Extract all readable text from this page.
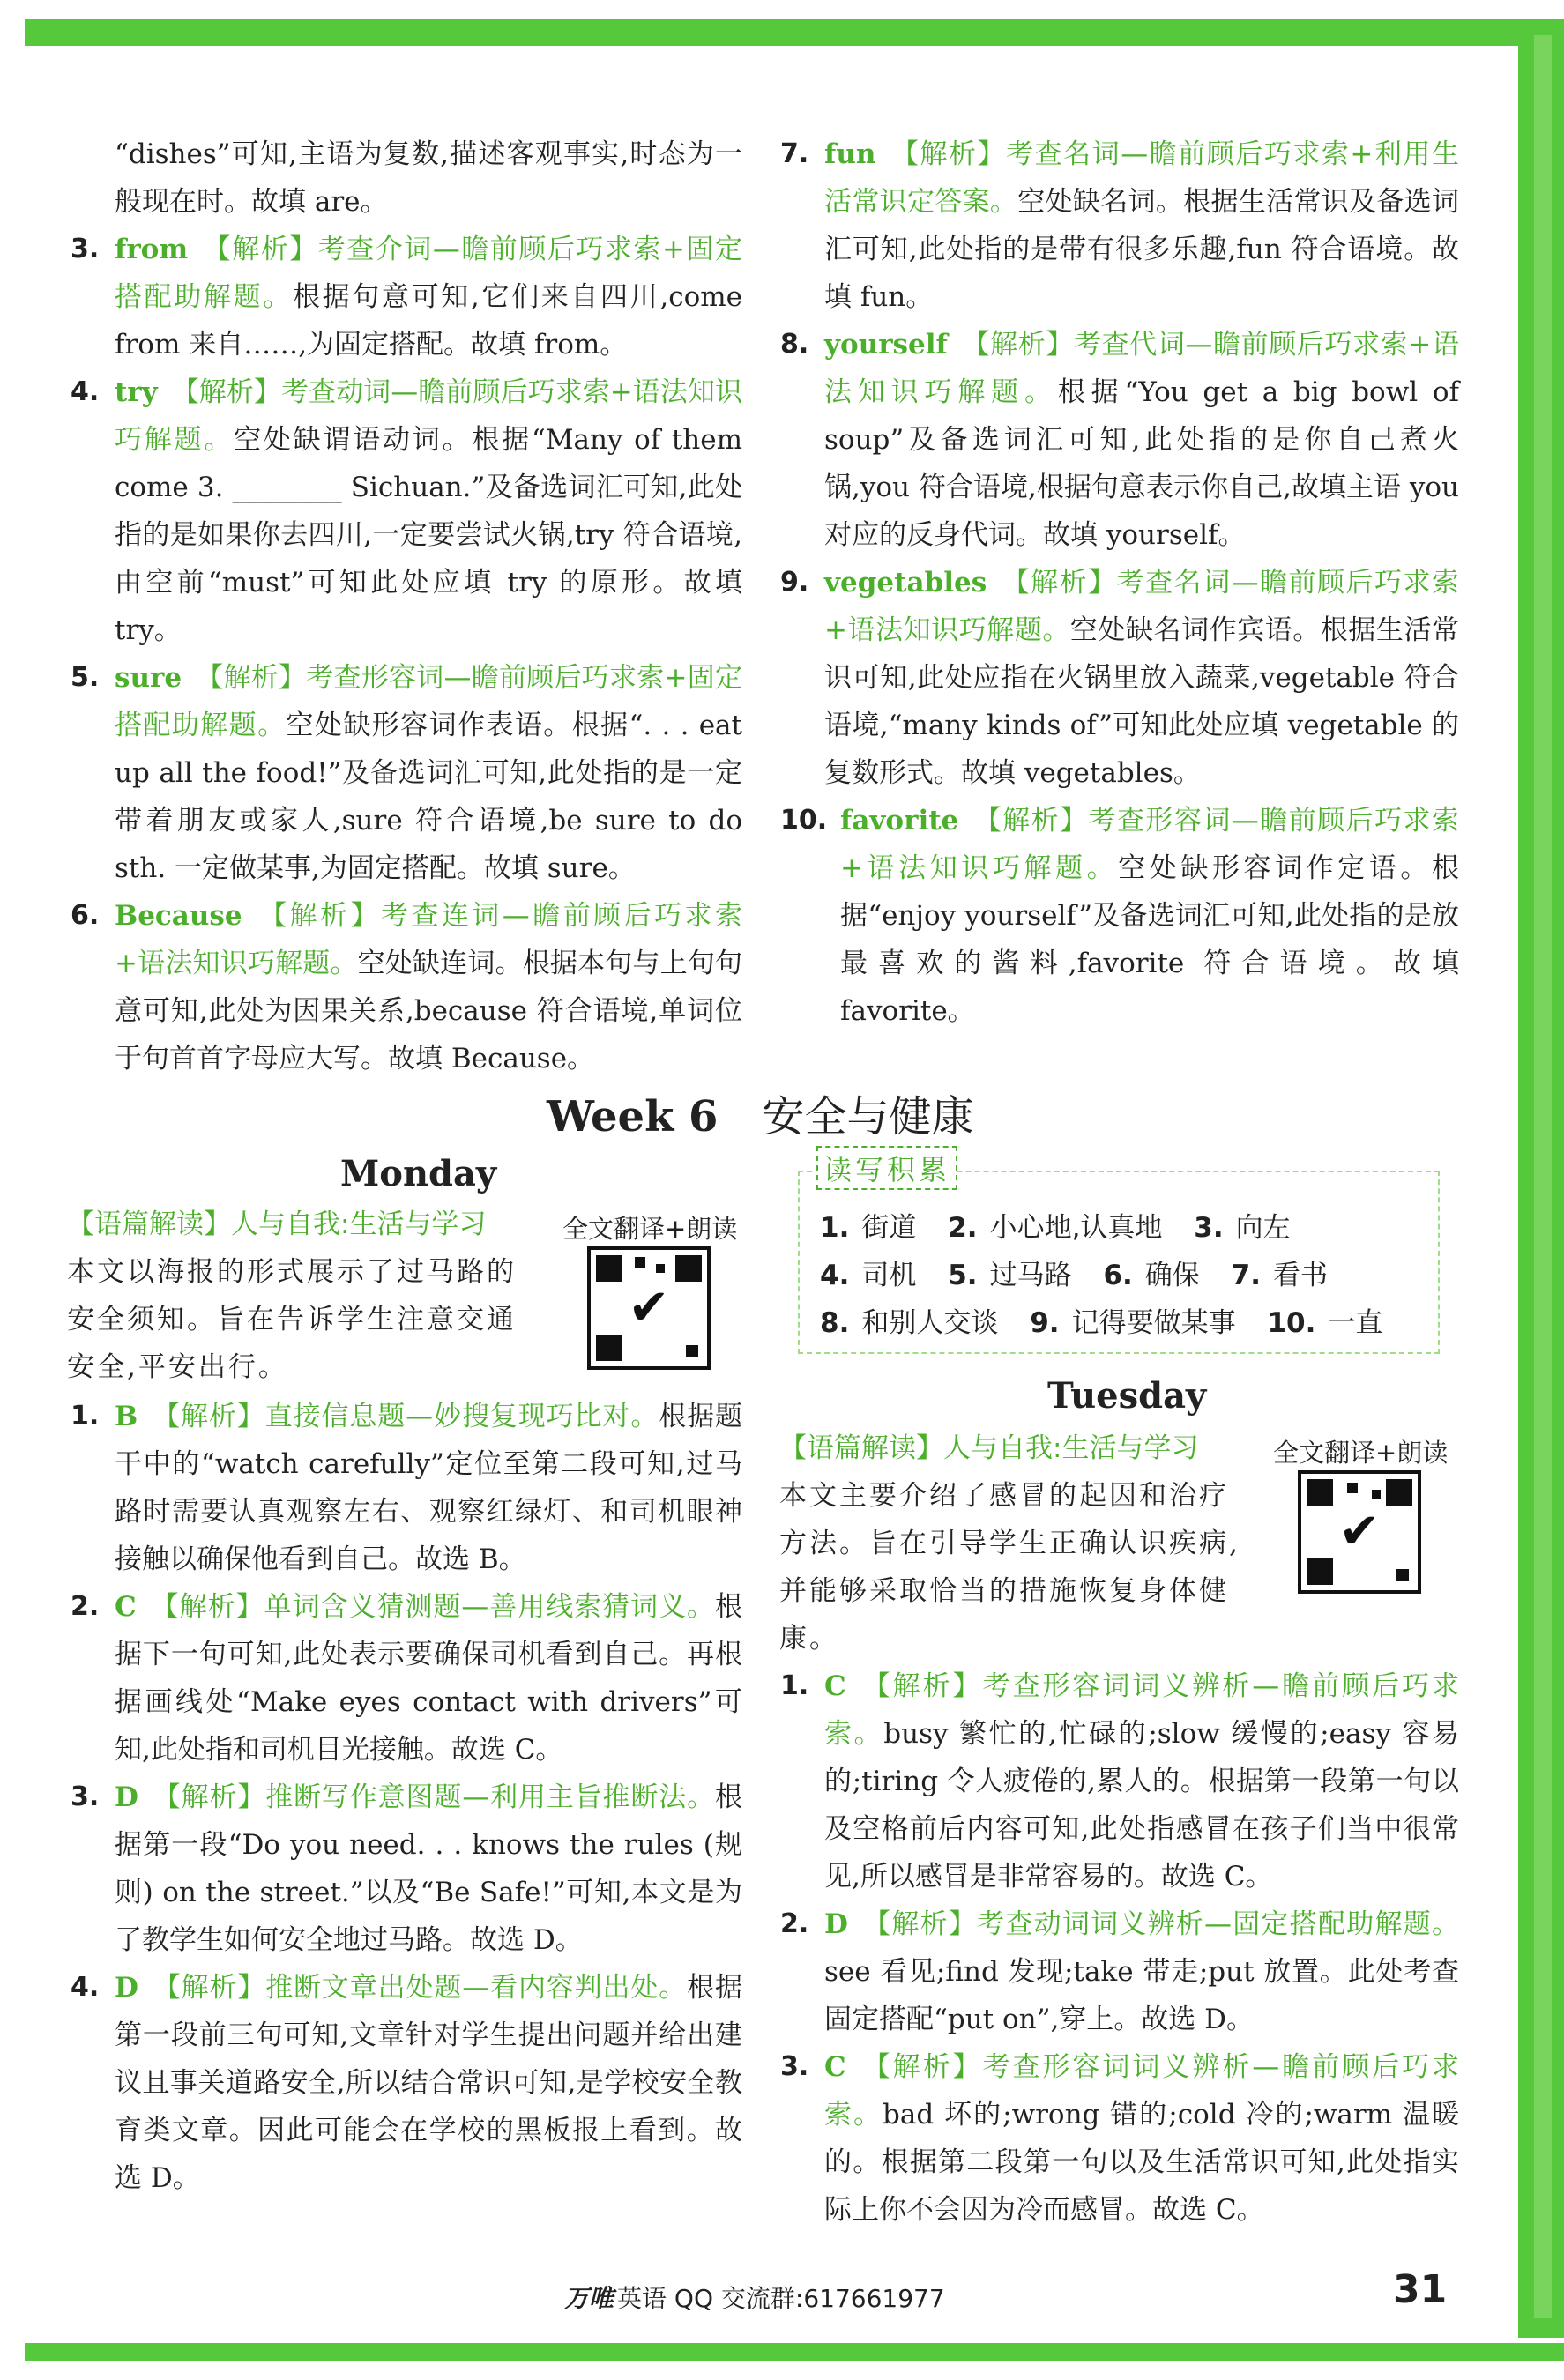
“dishes”可知,主语为复数,描述客观事实,时态为一般现在时。故填 are。
3. from 【解析】考查介词—瞻前顾后巧求索+固定搭配助解题。根据句意可知,它们来自四川,come from 来自……,为固定搭配。故填 from。
4. try 【解析】考查动词—瞻前顾后巧求索+语法知识巧解题。空处缺谓语动词。根据“Many of them come 3. ________ Sichuan.”及备选词汇可知,此处指的是如果你去四川,一定要尝试火锅,try 符合语境,由空前“must”可知此处应填 try 的原形。故填 try。
5. sure 【解析】考查形容词—瞻前顾后巧求索+固定搭配助解题。空处缺形容词作表语。根据“. . . eat up all the food!”及备选词汇可知,此处指的是一定带着朋友或家人,sure 符合语境,be sure to do sth. 一定做某事,为固定搭配。故填 sure。
6. Because 【解析】考查连词—瞻前顾后巧求索+语法知识巧解题。空处缺连词。根据本句与上句句意可知,此处为因果关系,because 符合语境,单词位于句首首字母应大写。故填 Because。
7. fun 【解析】考查名词—瞻前顾后巧求索+利用生活常识定答案。空处缺名词。根据生活常识及备选词汇可知,此处指的是带有很多乐趣,fun 符合语境。故填 fun。
8. yourself 【解析】考查代词—瞻前顾后巧求索+语法知识巧解题。根据“You get a big bowl of soup”及备选词汇可知,此处指的是你自己煮火锅,you 符合语境,根据句意表示你自己,故填主语 you 对应的反身代词。故填 yourself。
9. vegetables 【解析】考查名词—瞻前顾后巧求索+语法知识巧解题。空处缺名词作宾语。根据生活常识可知,此处应指在火锅里放入蔬菜,vegetable 符合语境,“many kinds of”可知此处应填 vegetable 的复数形式。故填 vegetables。
10. favorite 【解析】考查形容词—瞻前顾后巧求索+语法知识巧解题。空处缺形容词作定语。根据“enjoy yourself”及备选词汇可知,此处指的是放最喜欢的酱料,favorite 符合语境。故填 favorite。
Week 6 安全与健康
Monday
【语篇解读】人与自我:生活与学习
本文以海报的形式展示了过马路的安全须知。旨在告诉学生注意交通安全,平安出行。
全文翻译+朗读
✔
1. B 【解析】直接信息题—妙搜复现巧比对。根据题干中的“watch carefully”定位至第二段可知,过马路时需要认真观察左右、观察红绿灯、和司机眼神接触以确保他看到自己。故选 B。
2. C 【解析】单词含义猜测题—善用线索猜词义。根据下一句可知,此处表示要确保司机看到自己。再根据画线处“Make eyes contact with drivers”可知,此处指和司机目光接触。故选 C。
3. D 【解析】推断写作意图题—利用主旨推断法。根据第一段“Do you need. . . knows the rules (规则) on the street.”以及“Be Safe!”可知,本文是为了教学生如何安全地过马路。故选 D。
4. D 【解析】推断文章出处题—看内容判出处。根据第一段前三句可知,文章针对学生提出问题并给出建议且事关道路安全,所以结合常识可知,是学校安全教育类文章。因此可能会在学校的黑板报上看到。故选 D。
读写积累
1. 街道 2. 小心地,认真地 3. 向左
4. 司机 5. 过马路 6. 确保 7. 看书
8. 和别人交谈 9. 记得要做某事 10. 一直
Tuesday
【语篇解读】人与自我:生活与学习
本文主要介绍了感冒的起因和治疗方法。旨在引导学生正确认识疾病,并能够采取恰当的措施恢复身体健康。
全文翻译+朗读
✔
1. C 【解析】考查形容词词义辨析—瞻前顾后巧求索。busy 繁忙的,忙碌的;slow 缓慢的;easy 容易的;tiring 令人疲倦的,累人的。根据第一段第一句以及空格前后内容可知,此处指感冒在孩子们当中很常见,所以感冒是非常容易的。故选 C。
2. D 【解析】考查动词词义辨析—固定搭配助解题。see 看见;find 发现;take 带走;put 放置。此处考查固定搭配“put on”,穿上。故选 D。
3. C 【解析】考查形容词词义辨析—瞻前顾后巧求索。bad 坏的;wrong 错的;cold 冷的;warm 温暖的。根据第二段第一句以及生活常识可知,此处指实际上你不会因为冷而感冒。故选 C。
万唯 英语 QQ 交流群:617661977	31
